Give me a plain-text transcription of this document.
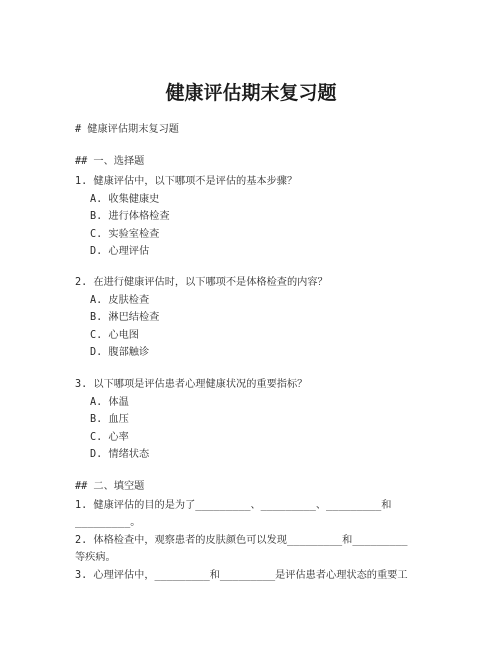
健康评估期末复习题
# 健康评估期末复习题
## 一、选择题
1. 健康评估中，以下哪项不是评估的基本步骤？
A. 收集健康史
B. 进行体格检查
C. 实验室检查
D. 心理评估
2. 在进行健康评估时，以下哪项不是体格检查的内容？
A. 皮肤检查
B. 淋巴结检查
C. 心电图
D. 腹部触诊
3. 以下哪项是评估患者心理健康状况的重要指标？
A. 体温
B. 血压
C. 心率
D. 情绪状态
## 二、填空题
1. 健康评估的目的是为了_________、_________、_________和
_________。
2. 体格检查中，观察患者的皮肤颜色可以发现_________和_________
等疾病。
3. 心理评估中，_________和_________是评估患者心理状态的重要工
